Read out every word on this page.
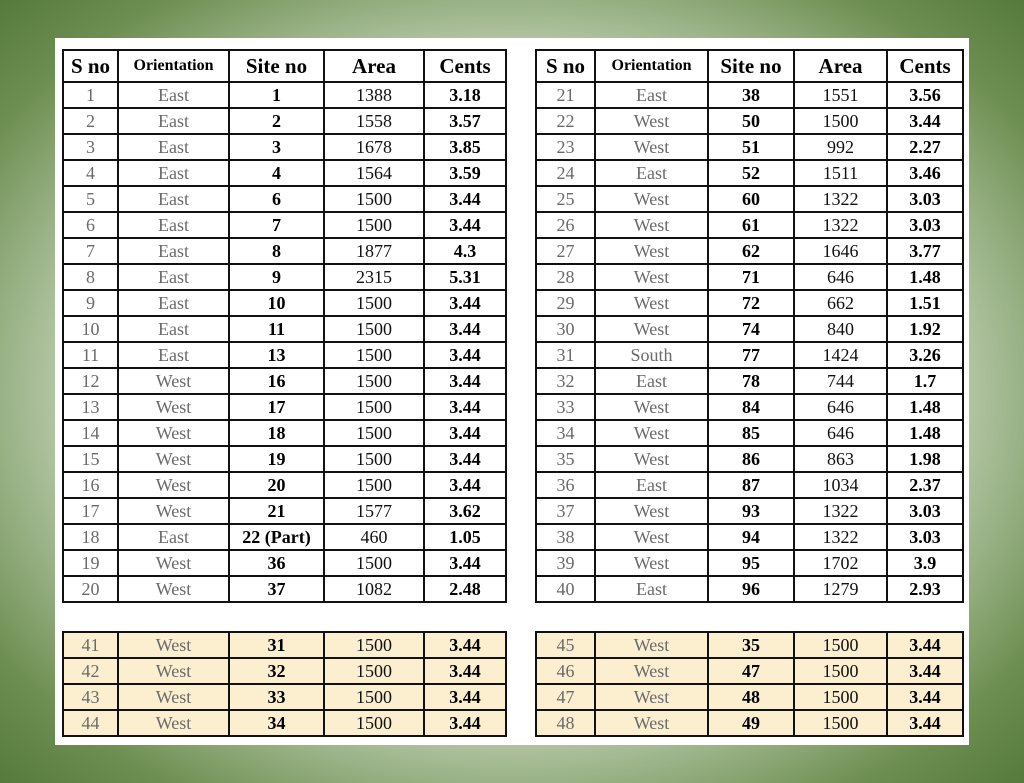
S no	Orientation	Site no	Area	Cents
1	East	1	1388	3.18
2	East	2	1558	3.57
3	East	3	1678	3.85
4	East	4	1564	3.59
5	East	6	1500	3.44
6	East	7	1500	3.44
7	East	8	1877	4.3
8	East	9	2315	5.31
9	East	10	1500	3.44
10	East	11	1500	3.44
11	East	13	1500	3.44
12	West	16	1500	3.44
13	West	17	1500	3.44
14	West	18	1500	3.44
15	West	19	1500	3.44
16	West	20	1500	3.44
17	West	21	1577	3.62
18	East	22 (Part)	460	1.05
19	West	36	1500	3.44
20	West	37	1082	2.48
S no	Orientation	Site no	Area	Cents
21	East	38	1551	3.56
22	West	50	1500	3.44
23	West	51	992	2.27
24	East	52	1511	3.46
25	West	60	1322	3.03
26	West	61	1322	3.03
27	West	62	1646	3.77
28	West	71	646	1.48
29	West	72	662	1.51
30	West	74	840	1.92
31	South	77	1424	3.26
32	East	78	744	1.7
33	West	84	646	1.48
34	West	85	646	1.48
35	West	86	863	1.98
36	East	87	1034	2.37
37	West	93	1322	3.03
38	West	94	1322	3.03
39	West	95	1702	3.9
40	East	96	1279	2.93
41	West	31	1500	3.44
42	West	32	1500	3.44
43	West	33	1500	3.44
44	West	34	1500	3.44
45	West	35	1500	3.44
46	West	47	1500	3.44
47	West	48	1500	3.44
48	West	49	1500	3.44
